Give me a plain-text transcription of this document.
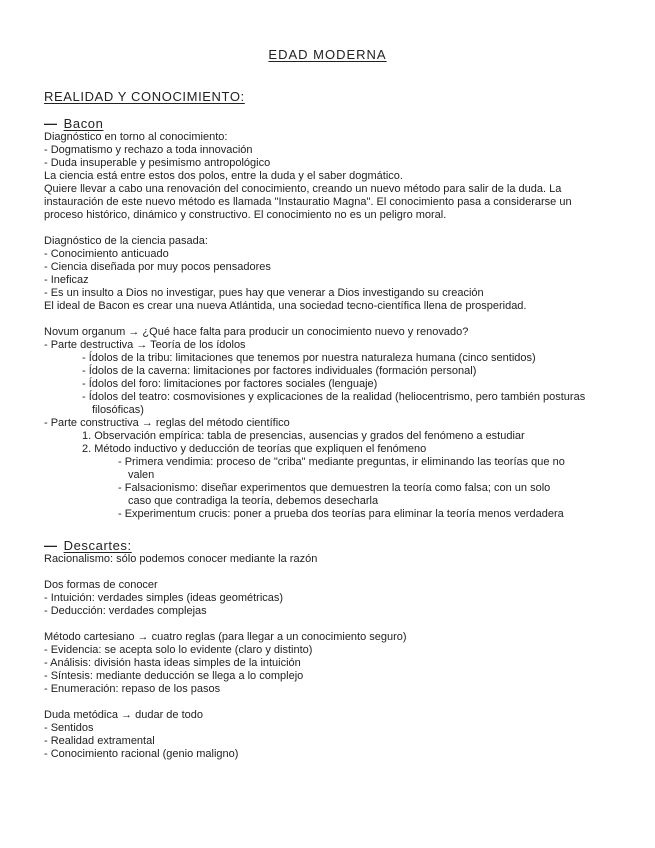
EDAD MODERNA

REALIDAD Y CONOCIMIENTO:

— Bacon

Diagnóstico en torno al conocimiento:

- Dogmatismo y rechazo a toda innovación

- Duda insuperable y pesimismo antropológico

La ciencia está entre estos dos polos, entre la duda y el saber dogmático.

Quiere llevar a cabo una renovación del conocimiento, creando un nuevo método para salir de la duda. La instauración de este nuevo método es llamada "Instauratio Magna". El conocimiento pasa a considerarse un proceso histórico, dinámico y constructivo. El conocimiento no es un peligro moral.

Diagnóstico de la ciencia pasada:

- Conocimiento anticuado

- Ciencia diseñada por muy pocos pensadores

- Ineficaz

- Es un insulto a Dios no investigar, pues hay que venerar a Dios investigando su creación

El ideal de Bacon es crear una nueva Atlántida, una sociedad tecno-científica llena de prosperidad.

Novum organum → ¿Qué hace falta para producir un conocimiento nuevo y renovado?

- Parte destructiva → Teoría de los ídolos

- Ídolos de la tribu: limitaciones que tenemos por nuestra naturaleza humana (cinco sentidos)

- Ídolos de la caverna: limitaciones por factores individuales (formación personal)

- Ídolos del foro: limitaciones por factores sociales (lenguaje)

- Ídolos del teatro: cosmovisiones y explicaciones de la realidad (heliocentrismo, pero también posturas filosóficas)

- Parte constructiva → reglas del método científico

1. Observación empírica: tabla de presencias, ausencias y grados del fenómeno a estudiar

2. Método inductivo y deducción de teorías que expliquen el fenómeno

- Primera vendimia: proceso de "criba" mediante preguntas, ir eliminando las teorías que no valen

- Falsacionismo: diseñar experimentos que demuestren la teoría como falsa; con un solo caso que contradiga la teoría, debemos desecharla

- Experimentum crucis: poner a prueba dos teorías para eliminar la teoría menos verdadera

— Descartes:

Racionalismo: sólo podemos conocer mediante la razón

Dos formas de conocer

- Intuición: verdades simples (ideas geométricas)

- Deducción: verdades complejas

Método cartesiano → cuatro reglas (para llegar a un conocimiento seguro)

- Evidencia: se acepta solo lo evidente (claro y distinto)

- Análisis: división hasta ideas simples de la intuición

- Síntesis: mediante deducción se llega a lo complejo

- Enumeración: repaso de los pasos

Duda metódica → dudar de todo

- Sentidos

- Realidad extramental

- Conocimiento racional (genio maligno)
